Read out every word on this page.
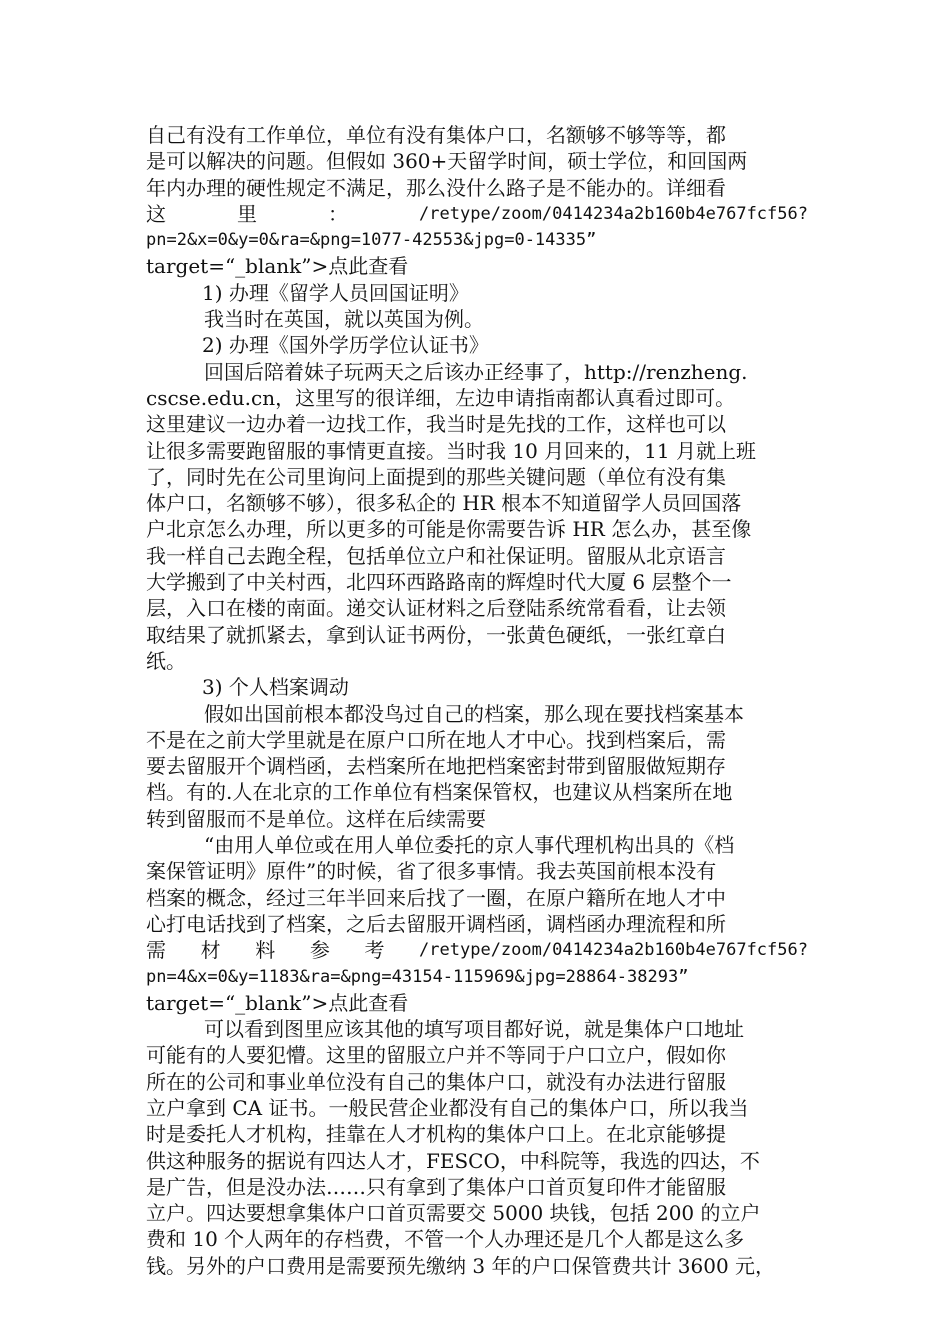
自己有没有工作单位，单位有没有集体户口，名额够不够等等，都
是可以解决的问题。但假如 360+天留学时间，硕士学位，和回国两
年内办理的硬性规定不满足，那么没什么路子是不能办的。详细看
这	里	：	/retype/zoom/0414234a2b160b4e767fcf56?
pn=2&x=0&y=0&ra=&png=1077-42553&jpg=0-14335”
target=“_blank”>点此查看
1) 办理《留学人员回国证明》
我当时在英国，就以英国为例。
2) 办理《国外学历学位认证书》
回国后陪着妹子玩两天之后该办正经事了，http://renzheng.
cscse.edu.cn，这里写的很详细，左边申请指南都认真看过即可。
这里建议一边办着一边找工作，我当时是先找的工作，这样也可以
让很多需要跑留服的事情更直接。当时我 10 月回来的，11 月就上班
了，同时先在公司里询问上面提到的那些关键问题（单位有没有集
体户口，名额够不够），很多私企的 HR 根本不知道留学人员回国落
户北京怎么办理，所以更多的可能是你需要告诉 HR 怎么办，甚至像
我一样自己去跑全程，包括单位立户和社保证明。留服从北京语言
大学搬到了中关村西，北四环西路路南的辉煌时代大厦 6 层整个一
层，入口在楼的南面。递交认证材料之后登陆系统常看看，让去领
取结果了就抓紧去，拿到认证书两份，一张黄色硬纸，一张红章白
纸。
3) 个人档案调动
假如出国前根本都没鸟过自己的档案，那么现在要找档案基本
不是在之前大学里就是在原户口所在地人才中心。找到档案后，需
要去留服开个调档函，去档案所在地把档案密封带到留服做短期存
档。有的.人在北京的工作单位有档案保管权，也建议从档案所在地
转到留服而不是单位。这样在后续需要
“由用人单位或在用人单位委托的京人事代理机构出具的《档
案保管证明》原件”的时候，省了很多事情。我去英国前根本没有
档案的概念，经过三年半回来后找了一圈，在原户籍所在地人才中
心打电话找到了档案，之后去留服开调档函，调档函办理流程和所
需 材 料 参 考 /retype/zoom/0414234a2b160b4e767fcf56?
pn=4&x=0&y=1183&ra=&png=43154-115969&jpg=28864-38293”
target=“_blank”>点此查看
可以看到图里应该其他的填写项目都好说，就是集体户口地址
可能有的人要犯懵。这里的留服立户并不等同于户口立户，假如你
所在的公司和事业单位没有自己的集体户口，就没有办法进行留服
立户拿到 CA 证书。一般民营企业都没有自己的集体户口，所以我当
时是委托人才机构，挂靠在人才机构的集体户口上。在北京能够提
供这种服务的据说有四达人才，FESCO，中科院等，我选的四达，不
是广告，但是没办法……只有拿到了集体户口首页复印件才能留服
立户。四达要想拿集体户口首页需要交 5000 块钱，包括 200 的立户
费和 10 个人两年的存档费，不管一个人办理还是几个人都是这么多
钱。另外的户口费用是需要预先缴纳 3 年的户口保管费共计 3600 元，
